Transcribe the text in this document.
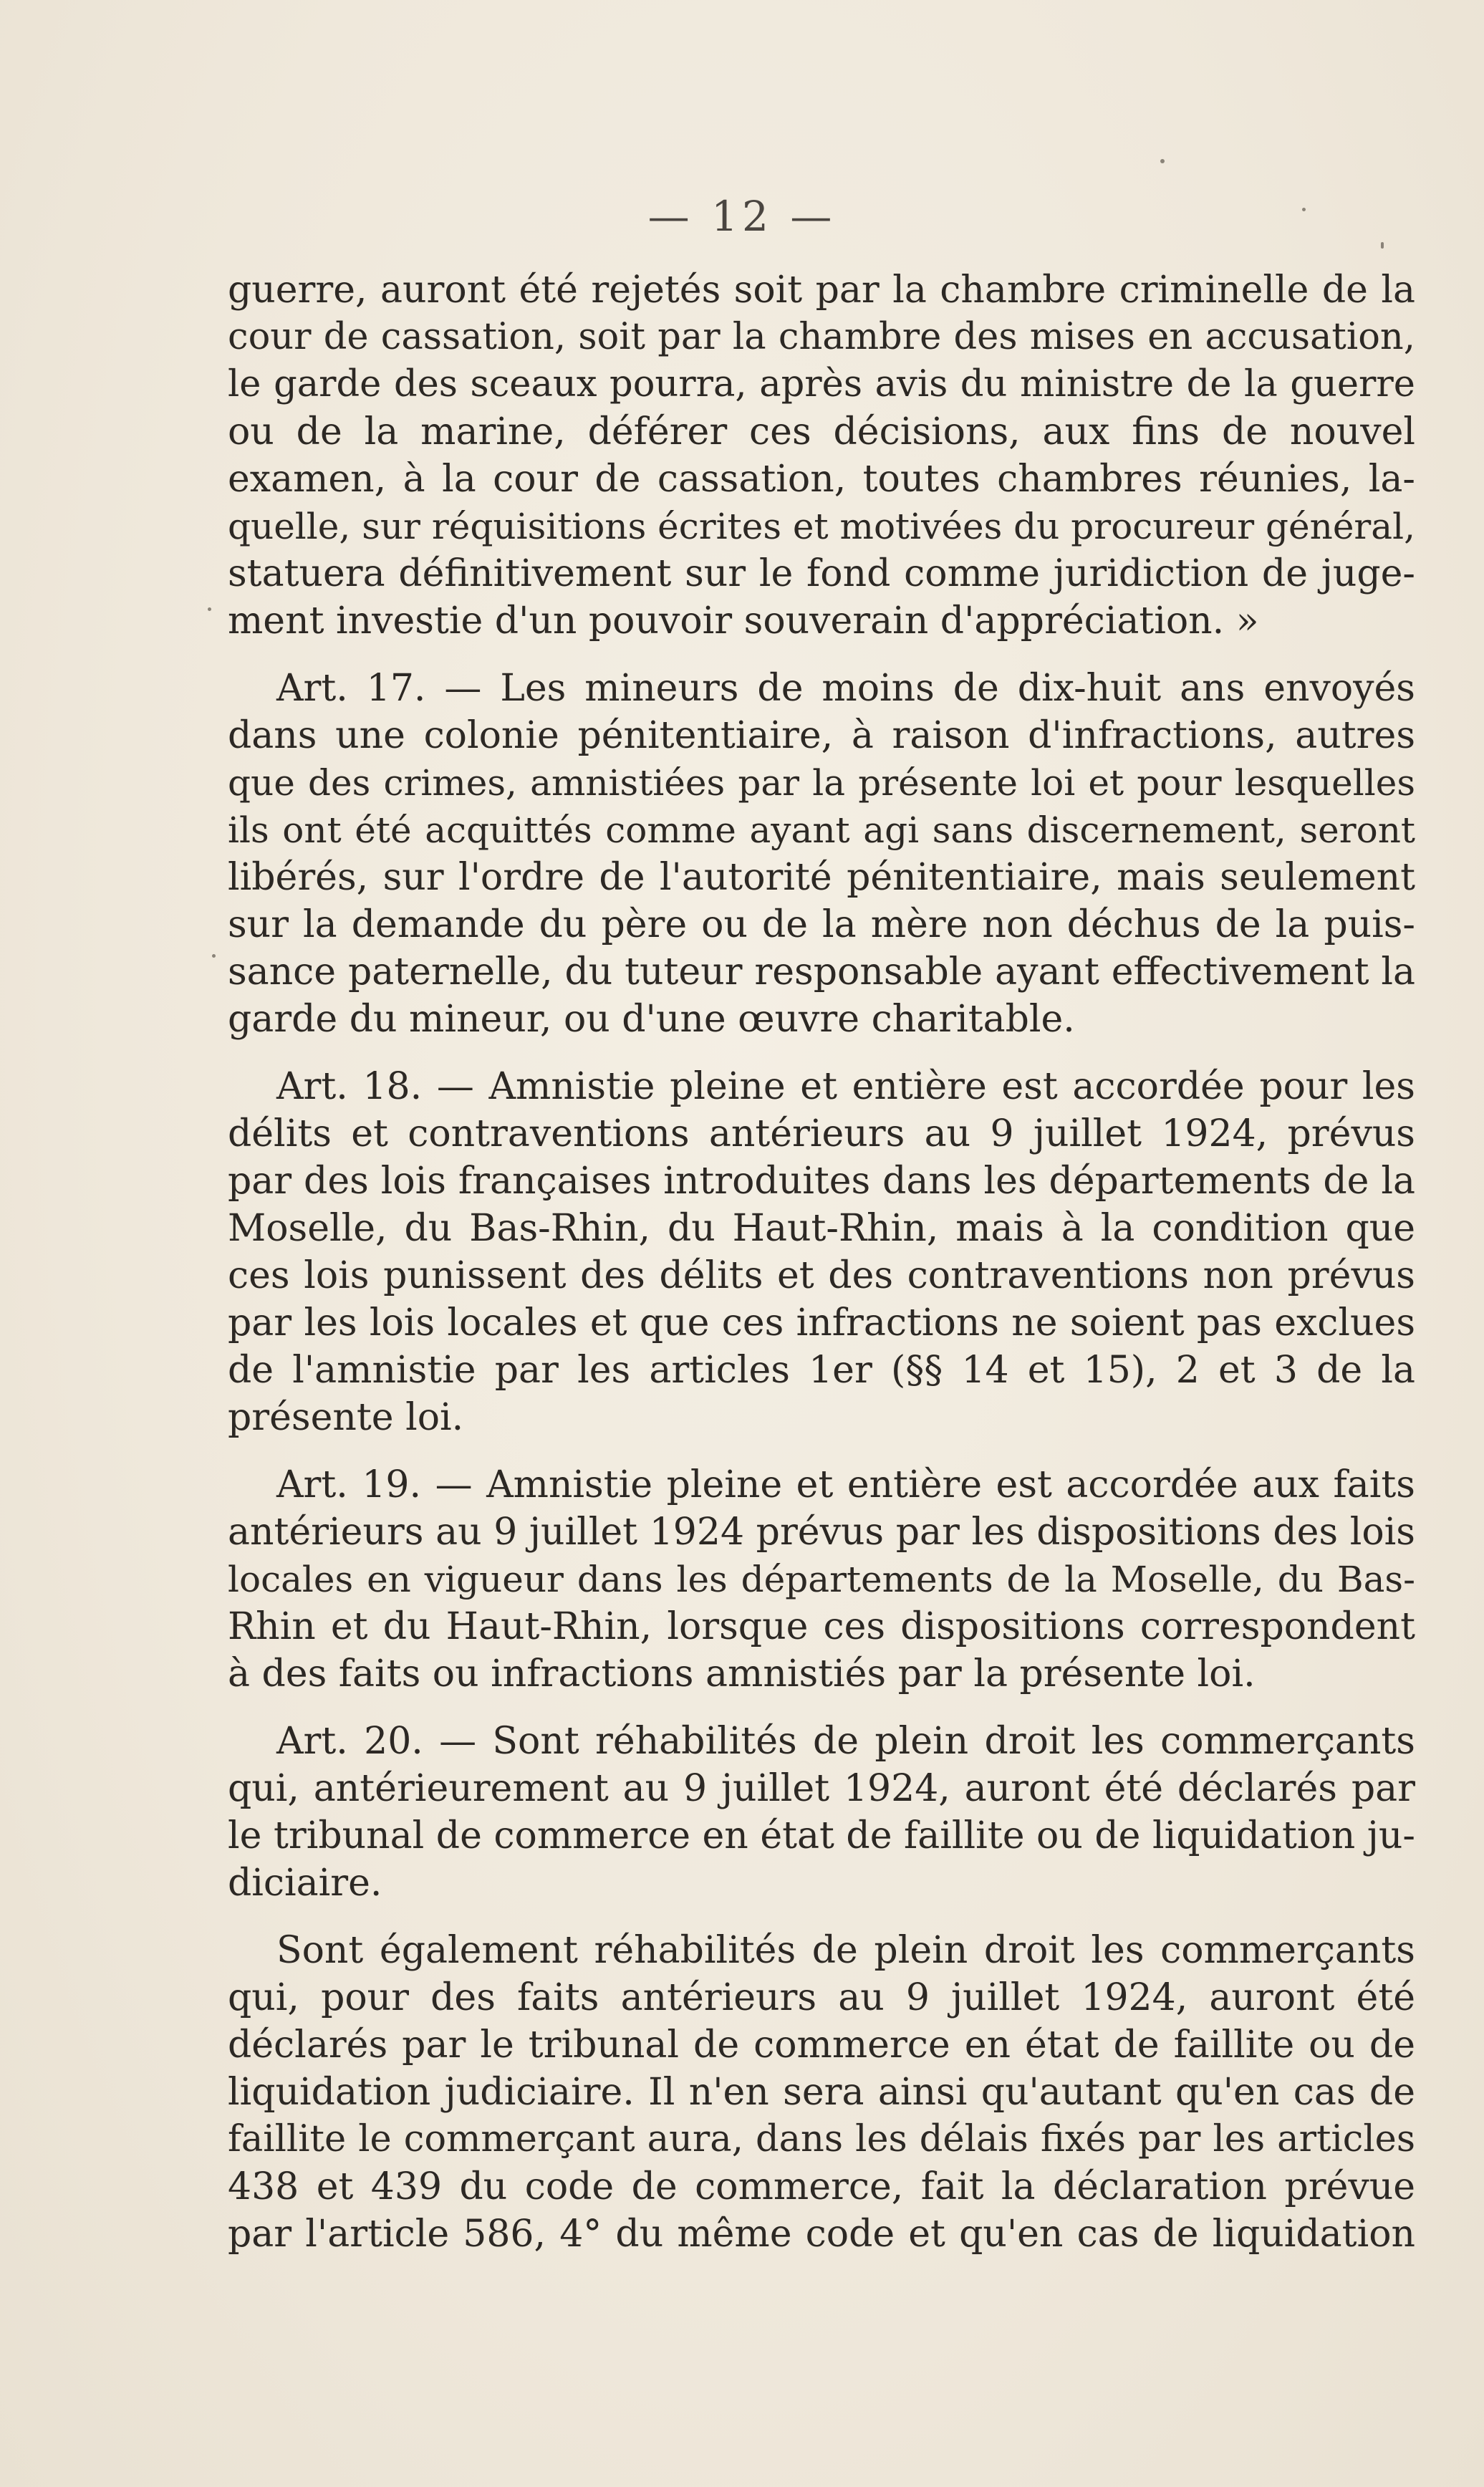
— 12 —
guerre, auront été rejetés soit par la chambre criminelle de la
cour de cassation, soit par la chambre des mises en accusation,
le garde des sceaux pourra, après avis du ministre de la guerre
ou de la marine, déférer ces décisions, aux fins de nouvel
examen, à la cour de cassation, toutes chambres réunies, la-
quelle, sur réquisitions écrites et motivées du procureur général,
statuera définitivement sur le fond comme juridiction de juge-
ment investie d'un pouvoir souverain d'appréciation. »
Art. 17. — Les mineurs de moins de dix-huit ans envoyés
dans une colonie pénitentiaire, à raison d'infractions, autres
que des crimes, amnistiées par la présente loi et pour lesquelles
ils ont été acquittés comme ayant agi sans discernement, seront
libérés, sur l'ordre de l'autorité pénitentiaire, mais seulement
sur la demande du père ou de la mère non déchus de la puis-
sance paternelle, du tuteur responsable ayant effectivement la
garde du mineur, ou d'une œuvre charitable.
Art. 18. — Amnistie pleine et entière est accordée pour les
délits et contraventions antérieurs au 9 juillet 1924, prévus
par des lois françaises introduites dans les départements de la
Moselle, du Bas-Rhin, du Haut-Rhin, mais à la condition que
ces lois punissent des délits et des contraventions non prévus
par les lois locales et que ces infractions ne soient pas exclues
de l'amnistie par les articles 1er (§§ 14 et 15), 2 et 3 de la
présente loi.
Art. 19. — Amnistie pleine et entière est accordée aux faits
antérieurs au 9 juillet 1924 prévus par les dispositions des lois
locales en vigueur dans les départements de la Moselle, du Bas-
Rhin et du Haut-Rhin, lorsque ces dispositions correspondent
à des faits ou infractions amnistiés par la présente loi.
Art. 20. — Sont réhabilités de plein droit les commerçants
qui, antérieurement au 9 juillet 1924, auront été déclarés par
le tribunal de commerce en état de faillite ou de liquidation ju-
diciaire.
Sont également réhabilités de plein droit les commerçants
qui, pour des faits antérieurs au 9 juillet 1924, auront été
déclarés par le tribunal de commerce en état de faillite ou de
liquidation judiciaire. Il n'en sera ainsi qu'autant qu'en cas de
faillite le commerçant aura, dans les délais fixés par les articles
438 et 439 du code de commerce, fait la déclaration prévue
par l'article 586, 4° du même code et qu'en cas de liquidation
